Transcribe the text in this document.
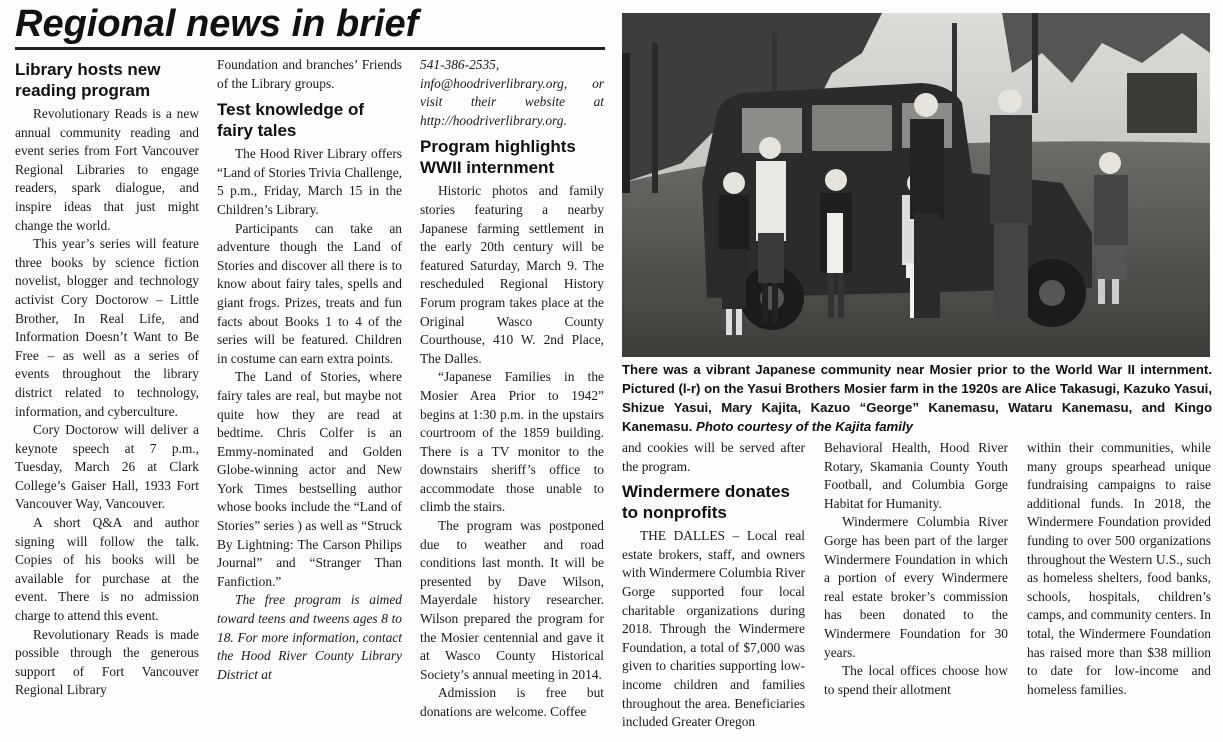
Regional news in brief
Library hosts new reading program

Revolutionary Reads is a new annual community reading and event series from Fort Vancouver Regional Libraries to engage readers, spark dialogue, and inspire ideas that just might change the world.

This year’s series will feature three books by science fiction novelist, blogger and technology activist Cory Doctorow – Little Brother, In Real Life, and Information Doesn’t Want to Be Free – as well as a series of events throughout the library district related to technology, information, and cyberculture.

Cory Doctorow will deliver a keynote speech at 7 p.m., Tuesday, March 26 at Clark College’s Gaiser Hall, 1933 Fort Vancouver Way, Vancouver.

A short Q&A and author signing will follow the talk. Copies of his books will be available for purchase at the event. There is no admission charge to attend this event.

Revolutionary Reads is made possible through the generous support of Fort Vancouver Regional Library

Foundation and branches’ Friends of the Library groups.

Test knowledge of fairy tales

The Hood River Library offers “Land of Stories Trivia Challenge, 5 p.m., Friday, March 15 in the Children’s Library.

Participants can take an adventure though the Land of Stories and discover all there is to know about fairy tales, spells and giant frogs. Prizes, treats and fun facts about Books 1 to 4 of the series will be featured. Children in costume can earn extra points.

The Land of Stories, where fairy tales are real, but maybe not quite how they are read at bedtime. Chris Colfer is an Emmy-nominated and Golden Globe-winning actor and New York Times bestselling author whose books include the “Land of Stories” series ) as well as “Struck By Lightning: The Carson Philips Journal” and “Stranger Than Fanfiction.”

The free program is aimed toward teens and tweens ages 8 to 18. For more information, contact the Hood River County Library District at

541-386-2535, info@hoodriverlibrary.org, or visit their website at http://hoodriverlibrary.org.

Program highlights WWII internment

Historic photos and family stories featuring a nearby Japanese farming settlement in the early 20th century will be featured Saturday, March 9. The rescheduled Regional History Forum program takes place at the Original Wasco County Courthouse, 410 W. 2nd Place, The Dalles.

“Japanese Families in the Mosier Area Prior to 1942” begins at 1:30 p.m. in the upstairs courtroom of the 1859 building. There is a TV monitor to the downstairs sheriff’s office to accommodate those unable to climb the stairs.

The program was postponed due to weather and road conditions last month. It will be presented by Dave Wilson, Mayerdale history researcher. Wilson prepared the program for the Mosier centennial and gave it at Wasco County Historical Society’s annual meeting in 2014.

Admission is free but donations are welcome. Coffee

There was a vibrant Japanese community near Mosier prior to the World War II internment. Pictured (l-r) on the Yasui Brothers Mosier farm in the 1920s are Alice Takasugi, Kazuko Yasui, Shizue Yasui, Mary Kajita, Kazuo “George” Kanemasu, Wataru Kanemasu, and Kingo Kanemasu. Photo courtesy of the Kajita family

and cookies will be served after the program.

Windermere donates to nonprofits

THE DALLES – Local real estate brokers, staff, and owners with Windermere Columbia River Gorge supported four local charitable organizations during 2018. Through the Windermere Foundation, a total of $7,000 was given to charities supporting low-income children and families throughout the area. Beneficiaries included Greater Oregon

Behavioral Health, Hood River Rotary, Skamania County Youth Football, and Columbia Gorge Habitat for Humanity.

Windermere Columbia River Gorge has been part of the larger Windermere Foundation in which a portion of every Windermere real estate broker’s commission has been donated to the Windermere Foundation for 30 years.

The local offices choose how to spend their allotment

within their communities, while many groups spearhead unique fundraising campaigns to raise additional funds. In 2018, the Windermere Foundation provided funding to over 500 organizations throughout the Western U.S., such as homeless shelters, food banks, schools, hospitals, children’s camps, and community centers. In total, the Windermere Foundation has raised more than $38 million to date for low-income and homeless families.
